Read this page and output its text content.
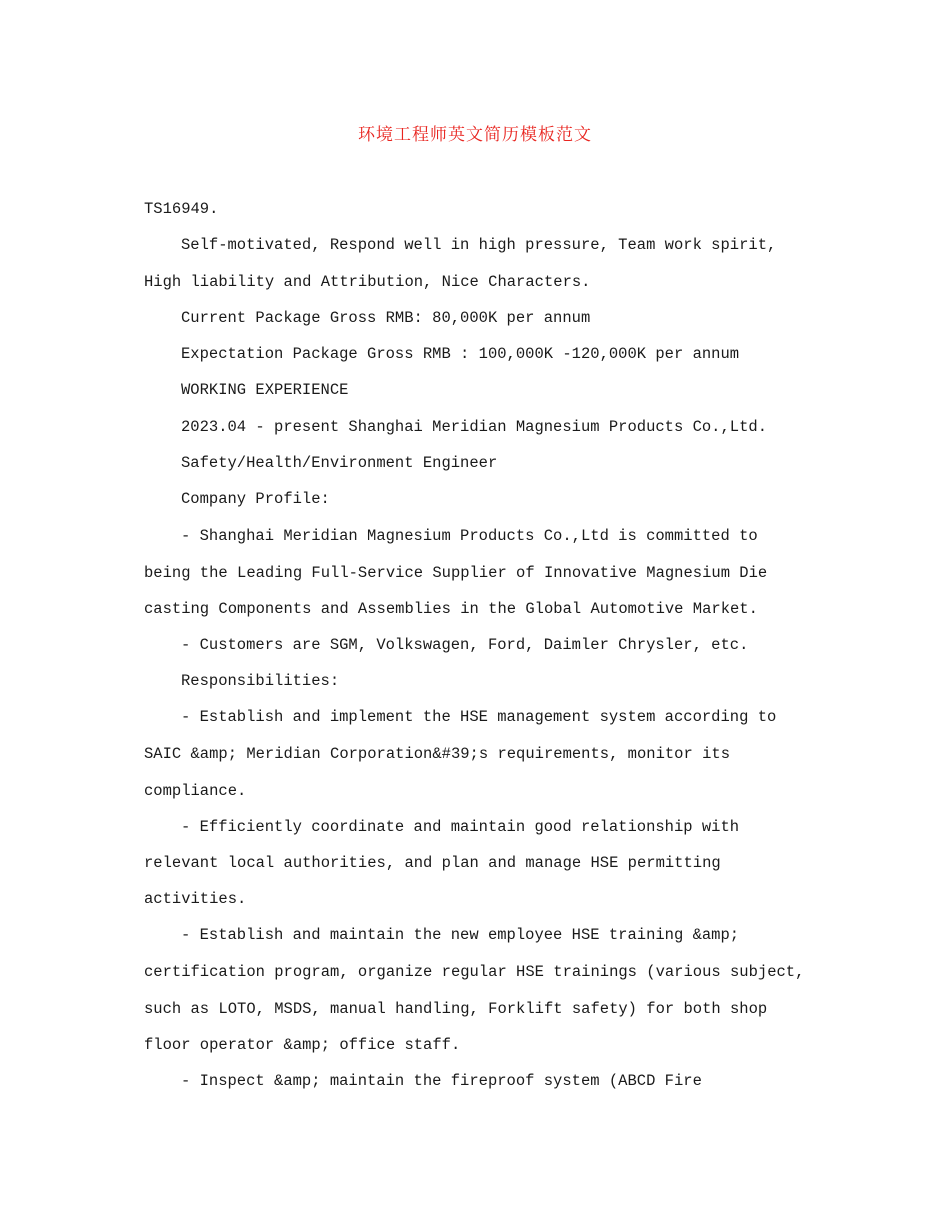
环境工程师英文简历模板范文
TS16949.
Self-motivated, Respond well in high pressure, Team work spirit,
High liability and Attribution, Nice Characters.
Current Package Gross RMB: 80,000K per annum
Expectation Package Gross RMB : 100,000K -120,000K per annum
WORKING EXPERIENCE
2023.04 - present Shanghai Meridian Magnesium Products Co.,Ltd.
Safety/Health/Environment Engineer
Company Profile:
- Shanghai Meridian Magnesium Products Co.,Ltd is committed to
being the Leading Full-Service Supplier of Innovative Magnesium Die
casting Components and Assemblies in the Global Automotive Market.
- Customers are SGM, Volkswagen, Ford, Daimler Chrysler, etc.
Responsibilities:
- Establish and implement the HSE management system according to
SAIC &amp; Meridian Corporation&#39;s requirements, monitor its
compliance.
- Efficiently coordinate and maintain good relationship with
relevant local authorities, and plan and manage HSE permitting
activities.
- Establish and maintain the new employee HSE training &amp;
certification program, organize regular HSE trainings (various subject,
such as LOTO, MSDS, manual handling, Forklift safety) for both shop
floor operator &amp; office staff.
- Inspect &amp; maintain the fireproof system (ABCD Fire
